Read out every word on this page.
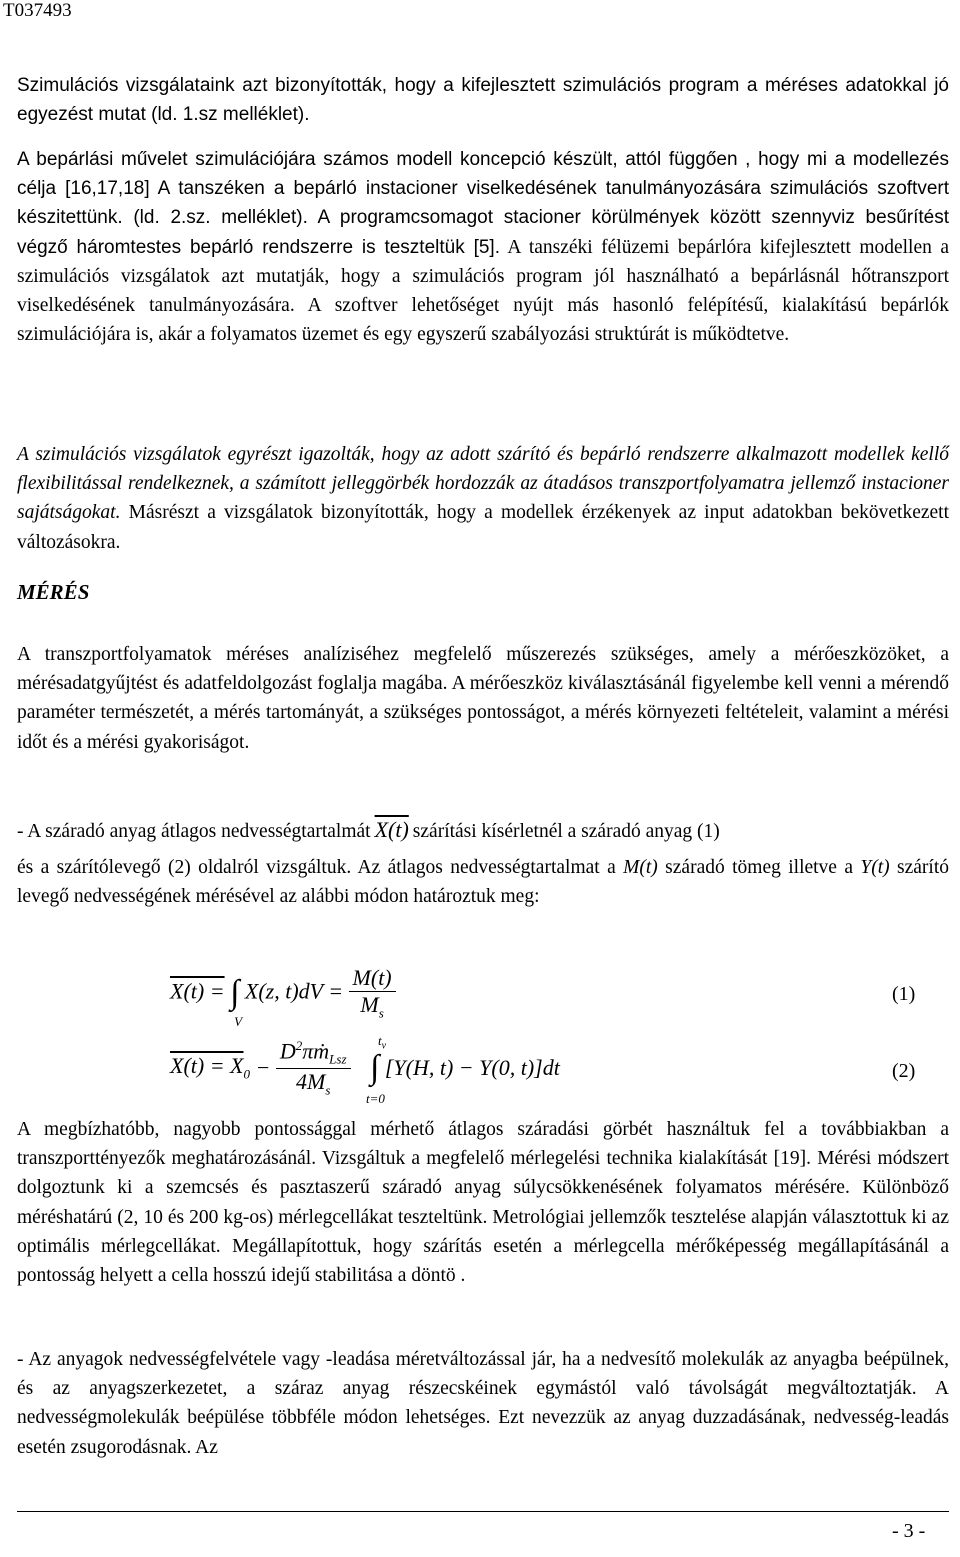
T037493

Szimulációs vizsgálataink azt bizonyították, hogy a kifejlesztett szimulációs program a méréses adatokkal jó egyezést mutat (ld. 1.sz melléklet).

A bepárlási művelet szimulációjára számos modell koncepció készült, attól függően , hogy mi a modellezés célja [16,17,18] A tanszéken a bepárló instacioner viselkedésének tanulmányozására szimulációs szoftvert készitettünk. (ld. 2.sz. melléklet). A programcsomagot stacioner körülmények között szennyviz besűrítést végző háromtestes bepárló rendszerre is teszteltük [5]. A tanszéki félüzemi bepárlóra kifejlesztett modellen a szimulációs vizsgálatok azt mutatják, hogy a szimulációs program jól használható a bepárlásnál hőtranszport viselkedésének tanulmányozására. A szoftver lehetőséget nyújt más hasonló felépítésű, kialakítású bepárlók szimulációjára is, akár a folyamatos üzemet és egy egyszerű szabályozási struktúrát is működtetve.

A szimulációs vizsgálatok egyrészt igazolták, hogy az adott szárító és bepárló rendszerre alkalmazott modellek kellő flexibilitással rendelkeznek, a számított jelleggörbék hordozzák az átadásos transzportfolyamatra jellemző instacioner sajátságokat. Másrészt a vizsgálatok bizonyították, hogy a modellek érzékenyek az input adatokban bekövetkezett változásokra.

MÉRÉS

A transzportfolyamatok méréses analíziséhez megfelelő műszerezés szükséges, amely a mérőeszközöket, a mérésadatgyűjtést és adatfeldolgozást foglalja magába. A mérőeszköz kiválasztásánál figyelembe kell venni a mérendő paraméter természetét, a mérés tartományát, a szükséges pontosságot, a mérés környezeti feltételeit, valamint a mérési időt és a mérési gyakoriságot.

- A száradó anyag átlagos nedvességtartalmát X(t) szárítási kísérletnél a száradó anyag (1)

és a szárítólevegő (2) oldalról vizsgáltuk. Az átlagos nedvességtartalmat a M(t) száradó tömeg illetve a Y(t) szárító levegő nedvességének mérésével az alábbi módon határoztuk meg:

X(t) = ∫
V
X(z, $t)dV = \frac{M(t)}{M_s}$	(1)
$X(t) = X_0 - \frac{D^2\pi ṁ_{Lsz}}{4M_s}$
$t_v$
∫
t=0
[Y(H, t) − Y(0, t)]dt	(2)

A megbízhatóbb, nagyobb pontossággal mérhető átlagos száradási görbét használtuk fel a továbbiakban a transzporttényezők meghatározásánál. Vizsgáltuk a megfelelő mérlegelési technika kialakítását [19]. Mérési módszert dolgoztunk ki a szemcsés és pasztaszerű száradó anyag súlycsökkenésének folyamatos mérésére. Különböző méréshatárú (2, 10 és 200 kg-os) mérlegcellákat teszteltünk. Metrológiai jellemzők tesztelése alapján választottuk ki az optimális mérlegcellákat. Megállapítottuk, hogy szárítás esetén a mérlegcella mérőképesség megállapításánál a pontosság helyett a cella hosszú idejű stabilitása a döntö .

- Az anyagok nedvességfelvétele vagy -leadása méretváltozással jár, ha a nedvesítő molekulák az anyagba beépülnek, és az anyagszerkezetet, a száraz anyag részecskéinek egymástól való távolságát megváltoztatják. A nedvességmolekulák beépülése többféle módon lehetséges. Ezt nevezzük az anyag duzzadásának, nedvesség-leadás esetén zsugorodásnak. Az

- 3 -
